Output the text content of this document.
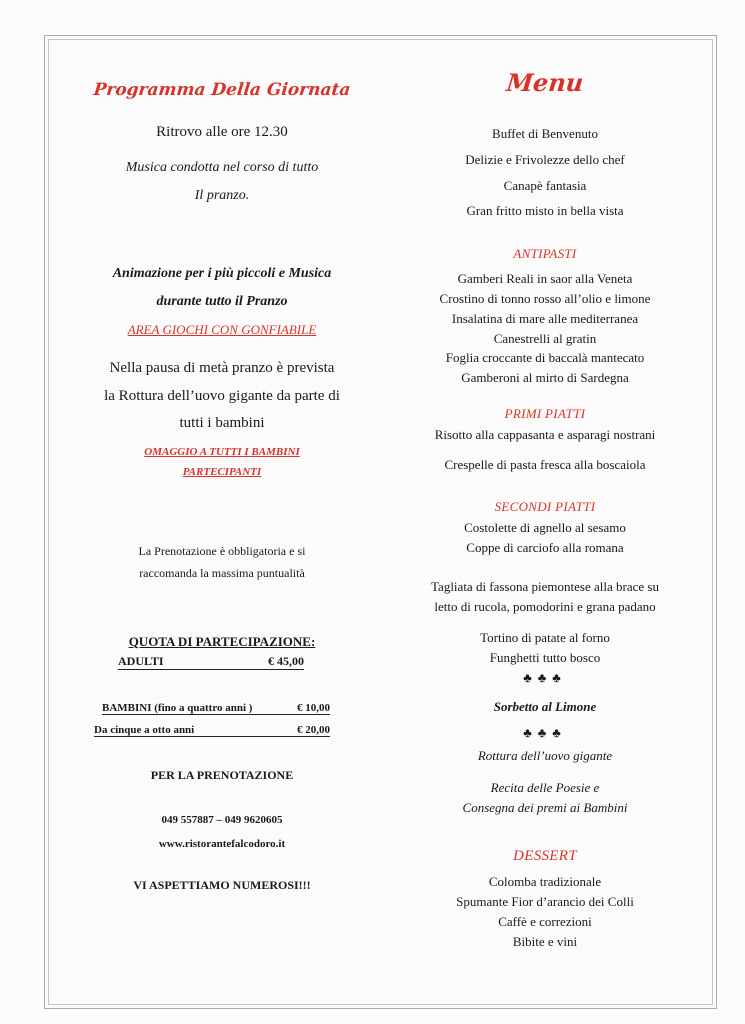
Programma Della Giornata
Ritrovo alle ore 12.30
Musica condotta nel corso di tutto
Il pranzo.
Animazione per i più piccoli e Musica
durante tutto il Pranzo
AREA GIOCHI CON GONFIABILE
Nella pausa di metà pranzo è prevista
la Rottura dell’uovo gigante da parte di
tutti i bambini
OMAGGIO A TUTTI I BAMBINI
PARTECIPANTI
La Prenotazione è obbligatoria e si
raccomanda la massima puntualità
QUOTA DI PARTECIPAZIONE:
ADULTI	€ 45,00
BAMBINI (fino a quattro anni )	€ 10,00
Da cinque a otto anni	€ 20,00
PER LA PRENOTAZIONE
049 557887 – 049 9620605
www.ristorantefalcodoro.it
VI ASPETTIAMO NUMEROSI!!!
Menu
Buffet di Benvenuto
Delizie e Frivolezze dello chef
Canapè fantasia
Gran fritto misto in bella vista
ANTIPASTI
Gamberi Reali in saor alla Veneta
Crostino di tonno rosso all’olio e limone
Insalatina di mare alle mediterranea
Canestrelli al gratin
Foglia croccante di baccalà mantecato
Gamberoni al mirto di Sardegna
PRIMI PIATTI
Risotto alla cappasanta e asparagi nostrani
Crespelle di pasta fresca alla boscaiola
SECONDI PIATTI
Costolette di agnello al sesamo
Coppe di carciofo alla romana
Tagliata di fassona piemontese alla brace su
letto di rucola, pomodorini e grana padano
Tortino di patate al forno
Funghetti tutto bosco
♣♣♣
Sorbetto al Limone
♣♣♣
Rottura dell’uovo gigante
Recita delle Poesie e
Consegna dei premi ai Bambini
DESSERT
Colomba tradizionale
Spumante Fior d’arancio dei Colli
Caffè e correzioni
Bibite e vini
